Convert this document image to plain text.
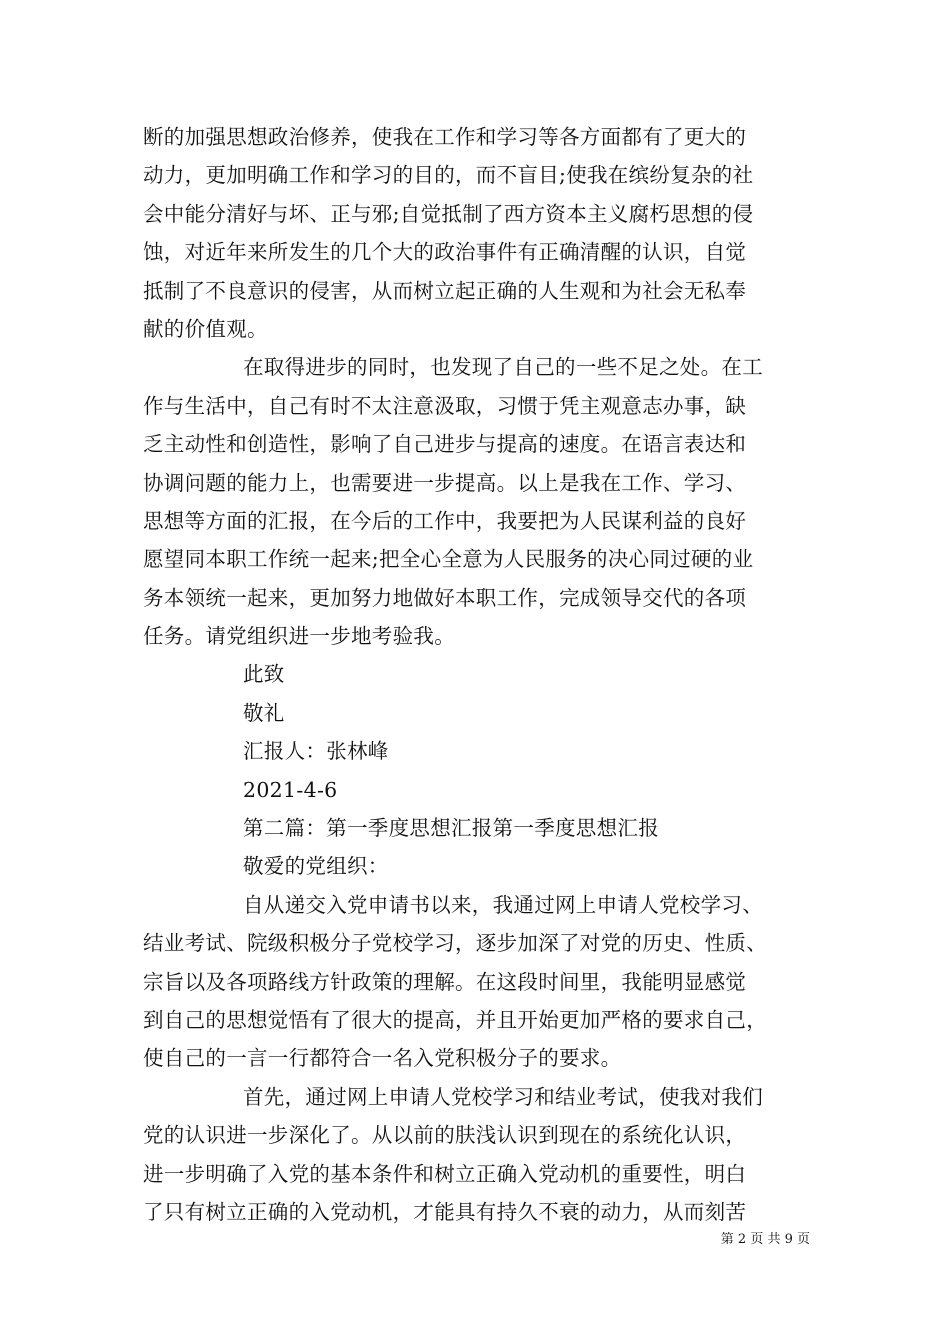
断的加强思想政治修养，使我在工作和学习等各方面都有了更大的
动力，更加明确工作和学习的目的，而不盲目;使我在缤纷复杂的社
会中能分清好与坏、正与邪;自觉抵制了西方资本主义腐朽思想的侵
蚀，对近年来所发生的几个大的政治事件有正确清醒的认识，自觉
抵制了不良意识的侵害，从而树立起正确的人生观和为社会无私奉
献的价值观。
在取得进步的同时，也发现了自己的一些不足之处。在工
作与生活中，自己有时不太注意汲取，习惯于凭主观意志办事，缺
乏主动性和创造性，影响了自己进步与提高的速度。在语言表达和
协调问题的能力上，也需要进一步提高。以上是我在工作、学习、
思想等方面的汇报，在今后的工作中，我要把为人民谋利益的良好
愿望同本职工作统一起来;把全心全意为人民服务的决心同过硬的业
务本领统一起来，更加努力地做好本职工作，完成领导交代的各项
任务。请党组织进一步地考验我。
此致
敬礼
汇报人：张林峰
2021-4-6
第二篇：第一季度思想汇报第一季度思想汇报
敬爱的党组织：
自从递交入党申请书以来，我通过网上申请人党校学习、
结业考试、院级积极分子党校学习，逐步加深了对党的历史、性质、
宗旨以及各项路线方针政策的理解。在这段时间里，我能明显感觉
到自己的思想觉悟有了很大的提高，并且开始更加严格的要求自己，
使自己的一言一行都符合一名入党积极分子的要求。
首先，通过网上申请人党校学习和结业考试，使我对我们
党的认识进一步深化了。从以前的肤浅认识到现在的系统化认识，
进一步明确了入党的基本条件和树立正确入党动机的重要性，明白
了只有树立正确的入党动机，才能具有持久不衰的动力，从而刻苦
第 2 页 共 9 页
